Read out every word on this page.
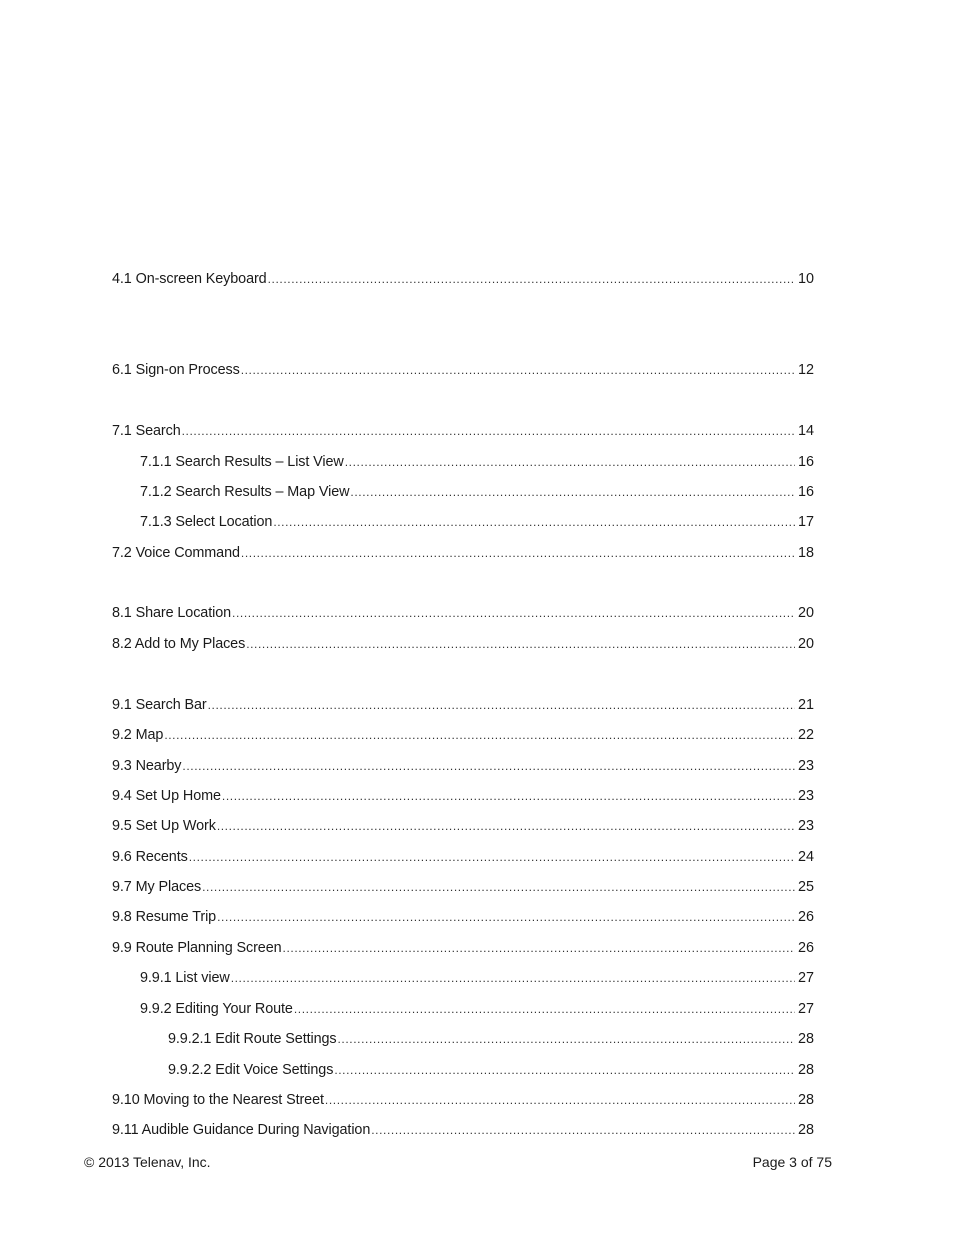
4.1 On-screen Keyboard .....	10
6.1 Sign-on Process .....	12
7.1 Search .....	14
7.1.1 Search Results – List View .....	16
7.1.2 Search Results – Map View .....	16
7.1.3 Select Location .....	17
7.2 Voice Command .....	18
8.1 Share Location .....	20
8.2 Add to My Places .....	20
9.1 Search Bar .....	21
9.2 Map .....	22
9.3 Nearby .....	23
9.4 Set Up Home .....	23
9.5 Set Up Work .....	23
9.6 Recents .....	24
9.7 My Places .....	25
9.8 Resume Trip .....	26
9.9 Route Planning Screen .....	26
9.9.1 List view .....	27
9.9.2 Editing Your Route .....	27
9.9.2.1 Edit Route Settings .....	28
9.9.2.2 Edit Voice Settings .....	28
9.10 Moving to the Nearest Street .....	28
9.11 Audible Guidance During Navigation .....	28
© 2013 Telenav, Inc.	Page 3 of 75
